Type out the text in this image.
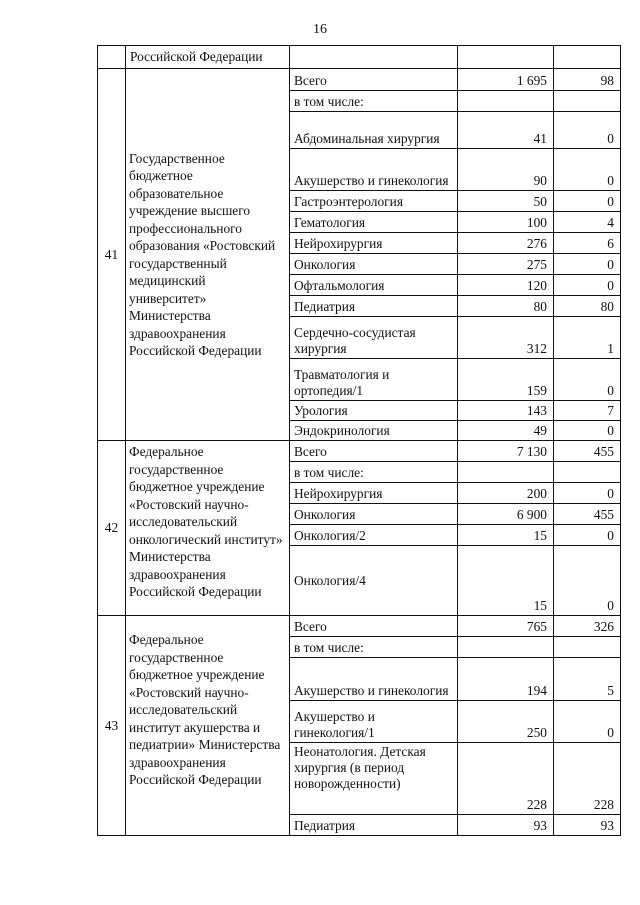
16
	Российской Федерации			
41	Государственное бюджетное образовательное учреждение высшего профессионального образования «Ростовский государственный медицинский университет» Министерства здравоохранения Российской Федерации	Всего	1 695	98
		в том числе:		
		Абдоминальная хирургия	41	0
		Акушерство и гинекология	90	0
		Гастроэнтерология	50	0
		Гематология	100	4
		Нейрохирургия	276	6
		Онкология	275	0
		Офтальмология	120	0
		Педиатрия	80	80
		Сердечно-сосудистая хирургия	312	1
		Травматология и ортопедия/1	159	0
		Урология	143	7
		Эндокринология	49	0
42	Федеральное государственное бюджетное учреждение «Ростовский научно-исследовательский онкологический институт» Министерства здравоохранения Российской Федерации	Всего	7 130	455
		в том числе:		
		Нейрохирургия	200	0
		Онкология	6 900	455
		Онкология/2	15	0
		Онкология/4	15	0
43	Федеральное государственное бюджетное учреждение «Ростовский научно-исследовательский институт акушерства и педиатрии» Министерства здравоохранения Российской Федерации	Всего	765	326
		в том числе:		
		Акушерство и гинекология	194	5
		Акушерство и гинекология/1	250	0
		Неонатология. Детская хирургия (в период новорожденности)	228	228
		Педиатрия	93	93
